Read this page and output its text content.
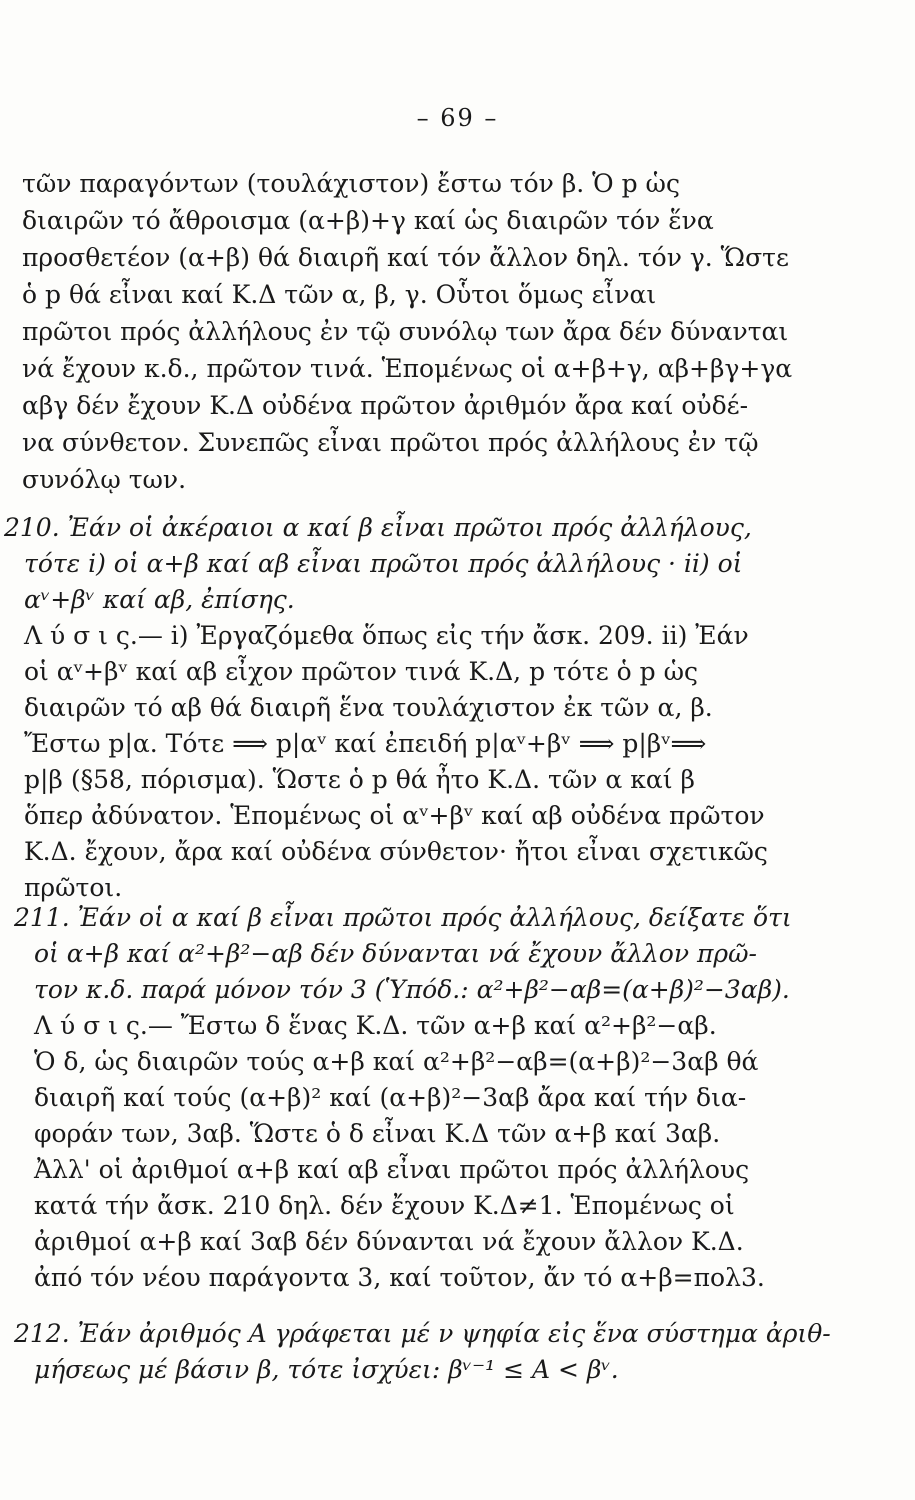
– 69 –
τῶν παραγόντων (τουλάχιστον) ἔστω τόν β. Ὁ p ὡς
διαιρῶν τό ἄθροισμα (α+β)+γ καί ὡς διαιρῶν τόν ἕνα
προσθετέον (α+β) θά διαιρῆ καί τόν ἄλλον δηλ. τόν γ. Ὥστε
ὁ p θά εἶναι καί Κ.Δ τῶν α, β, γ. Οὗτοι ὅμως εἶναι
πρῶτοι πρός ἀλλήλους ἐν τῷ συνόλῳ των ἄρα δέν δύνανται
νά ἔχουν κ.δ., πρῶτον τινά. Ἑπομένως οἱ α+β+γ, αβ+βγ+γα
αβγ δέν ἔχουν Κ.Δ οὐδένα πρῶτον ἀριθμόν ἄρα καί οὐδέ-
να σύνθετον. Συνεπῶς εἶναι πρῶτοι πρός ἀλλήλους ἐν τῷ
συνόλῳ των.
210. Ἐάν οἱ ἀκέραιοι α καί β εἶναι πρῶτοι πρός ἀλλήλους,
τότε i) οἱ α+β καί αβ εἶναι πρῶτοι πρός ἀλλήλους · ii) οἱ
αᵛ+βᵛ καί αβ, ἐπίσης.
Λ ύ σ ι ς.— i) Ἐργαζόμεθα ὅπως εἰς τήν ἄσκ. 209. ii) Ἐάν
οἱ αᵛ+βᵛ καί αβ εἶχον πρῶτον τινά Κ.Δ, p τότε ὁ p ὡς
διαιρῶν τό αβ θά διαιρῆ ἕνα τουλάχιστον ἐκ τῶν α, β.
Ἔστω p|α. Τότε ⟹ p|αᵛ καί ἐπειδή p|αᵛ+βᵛ ⟹ p|βᵛ⟹
p|β (§58, πόρισμα). Ὥστε ὁ p θά ἦτο Κ.Δ. τῶν α καί β
ὅπερ ἀδύνατον. Ἑπομένως οἱ αᵛ+βᵛ καί αβ οὐδένα πρῶτον
Κ.Δ. ἔχουν, ἄρα καί οὐδένα σύνθετον· ἤτοι εἶναι σχετικῶς
πρῶτοι.
211. Ἐάν οἱ α καί β εἶναι πρῶτοι πρός ἀλλήλους, δείξατε ὅτι
οἱ α+β καί α²+β²−αβ δέν δύνανται νά ἔχουν ἄλλον πρῶ-
τον κ.δ. παρά μόνον τόν 3 (Ὑπόδ.: α²+β²−αβ=(α+β)²−3αβ).
Λ ύ σ ι ς.— Ἔστω δ ἕνας Κ.Δ. τῶν α+β καί α²+β²−αβ.
Ὁ δ, ὡς διαιρῶν τούς α+β καί α²+β²−αβ=(α+β)²−3αβ θά
διαιρῆ καί τούς (α+β)² καί (α+β)²−3αβ ἄρα καί τήν δια-
φοράν των, 3αβ. Ὥστε ὁ δ εἶναι Κ.Δ τῶν α+β καί 3αβ.
Ἀλλ' οἱ ἀριθμοί α+β καί αβ εἶναι πρῶτοι πρός ἀλλήλους
κατά τήν ἄσκ. 210 δηλ. δέν ἔχουν Κ.Δ≠1. Ἑπομένως οἱ
ἀριθμοί α+β καί 3αβ δέν δύνανται νά ἔχουν ἄλλον Κ.Δ.
ἀπό τόν νέου παράγοντα 3, καί τοῦτον, ἄν τό α+β=πολ3.
212. Ἐάν ἀριθμός Α γράφεται μέ ν ψηφία εἰς ἕνα σύστημα ἀριθ-
μήσεως μέ βάσιν β, τότε ἰσχύει: βᵛ⁻¹ ≤ Α < βᵛ.
